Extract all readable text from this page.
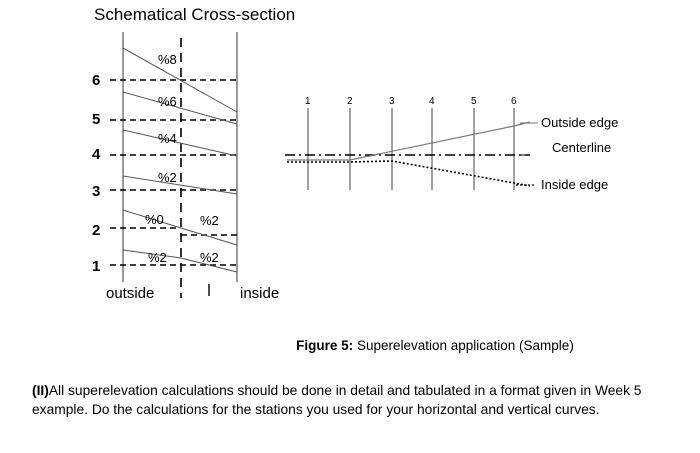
Schematical Cross-section
6
5
4
3
2
1
%8
%6
%4
%2
%0	%2
%2	%2
outside	inside
1	2	3	4	5	6
Outside edge
Centerline
Inside edge
Figure 5: Superelevation application (Sample)
(II)All superelevation calculations should be done in detail and tabulated in a format given in Week 5 example. Do the calculations for the stations you used for your horizontal and vertical curves.
